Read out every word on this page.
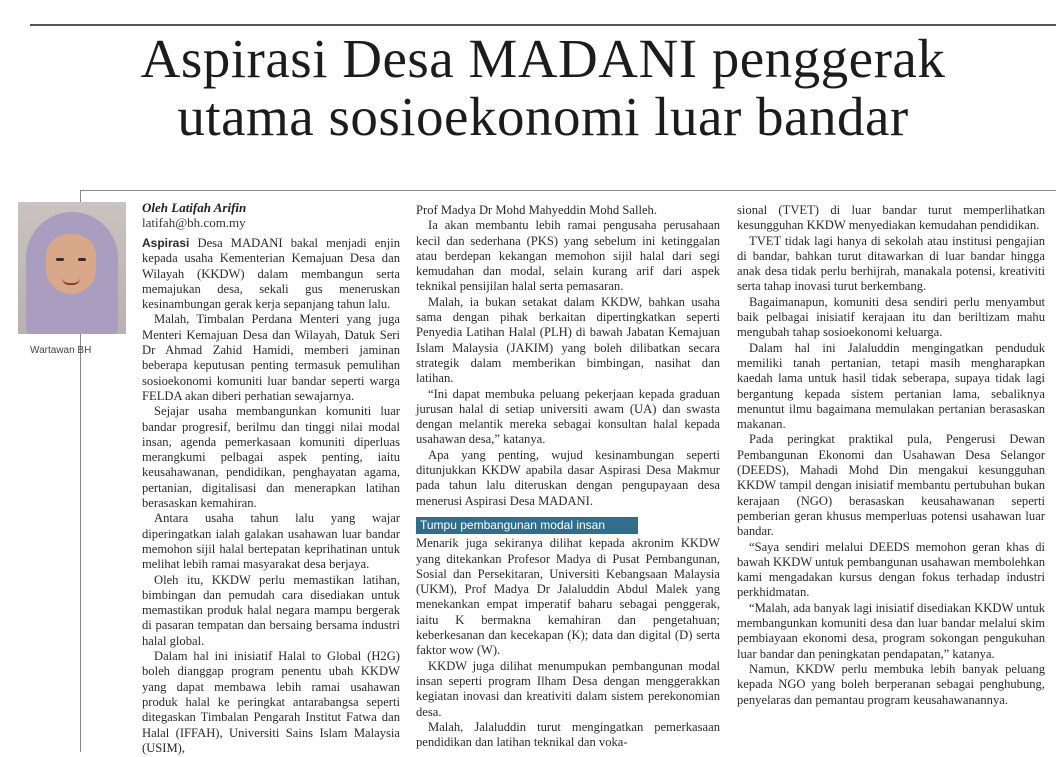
Aspirasi Desa MADANI penggerak
utama sosioekonomi luar bandar
Wartawan BH
Oleh Latifah Arifin
latifah@bh.com.my

Aspirasi Desa MADANI bakal menjadi enjin kepada usaha Kementerian Kemajuan Desa dan Wilayah (KKDW) dalam membangun serta memajukan desa, sekali gus meneruskan kesinambungan gerak kerja sepanjang tahun lalu.

Malah, Timbalan Perdana Menteri yang juga Menteri Kemajuan Desa dan Wilayah, Datuk Seri Dr Ahmad Zahid Hamidi, memberi jaminan beberapa keputusan penting termasuk pemulihan sosioekonomi komuniti luar bandar seperti warga FELDA akan diberi perhatian sewajarnya.

Sejajar usaha membangunkan komuniti luar bandar progresif, berilmu dan tinggi nilai modal insan, agenda pemerkasaan komuniti diperluas merangkumi pelbagai aspek penting, iaitu keusahawanan, pendidikan, penghayatan agama, pertanian, digitalisasi dan menerapkan latihan berasaskan kemahiran.

Antara usaha tahun lalu yang wajar diperingatkan ialah galakan usahawan luar bandar memohon sijil halal bertepatan keprihatinan untuk melihat lebih ramai masyarakat desa berjaya.

Oleh itu, KKDW perlu memastikan latihan, bimbingan dan pemudah cara disediakan untuk memastikan produk halal negara mampu bergerak di pasaran tempatan dan bersaing bersama industri halal global.

Dalam hal ini inisiatif Halal to Global (H2G) boleh dianggap program penentu ubah KKDW yang dapat membawa lebih ramai usahawan produk halal ke peringkat antarabangsa seperti ditegaskan Timbalan Pengarah Institut Fatwa dan Halal (IFFAH), Universiti Sains Islam Malaysia (USIM),

Prof Madya Dr Mohd Mahyeddin Mohd Salleh.

Ia akan membantu lebih ramai pengusaha perusahaan kecil dan sederhana (PKS) yang sebelum ini ketinggalan atau berdepan kekangan memohon sijil halal dari segi kemudahan dan modal, selain kurang arif dari aspek teknikal pensijilan halal serta pemasaran.

Malah, ia bukan setakat dalam KKDW, bahkan usaha sama dengan pihak berkaitan dipertingkatkan seperti Penyedia Latihan Halal (PLH) di bawah Jabatan Kemajuan Islam Malaysia (JAKIM) yang boleh dilibatkan secara strategik dalam memberikan bimbingan, nasihat dan latihan.

“Ini dapat membuka peluang pekerjaan kepada graduan jurusan halal di setiap universiti awam (UA) dan swasta dengan melantik mereka sebagai konsultan halal kepada usahawan desa,” katanya.

Apa yang penting, wujud kesinambungan seperti ditunjukkan KKDW apabila dasar Aspirasi Desa Makmur pada tahun lalu diteruskan dengan pengupayaan desa menerusi Aspirasi Desa MADANI.

Tumpu pembangunan modal insan

Menarik juga sekiranya dilihat kepada akronim KKDW yang ditekankan Profesor Madya di Pusat Pembangunan, Sosial dan Persekitaran, Universiti Kebangsaan Malaysia (UKM), Prof Madya Dr Jalaluddin Abdul Malek yang menekankan empat imperatif baharu sebagai penggerak, iaitu K bermakna kemahiran dan pengetahuan; keberkesanan dan kecekapan (K); data dan digital (D) serta faktor wow (W).

KKDW juga dilihat menumpukan pembangunan modal insan seperti program Ilham Desa dengan menggerakkan kegiatan inovasi dan kreativiti dalam sistem perekonomian desa.

Malah, Jalaluddin turut mengingatkan pemerkasaan pendidikan dan latihan teknikal dan voka-

sional (TVET) di luar bandar turut memperlihatkan kesungguhan KKDW menyediakan kemudahan pendidikan.

TVET tidak lagi hanya di sekolah atau institusi pengajian di bandar, bahkan turut ditawarkan di luar bandar hingga anak desa tidak perlu berhijrah, manakala potensi, kreativiti serta tahap inovasi turut berkembang.

Bagaimanapun, komuniti desa sendiri perlu menyambut baik pelbagai inisiatif kerajaan itu dan beriltizam mahu mengubah tahap sosioekonomi keluarga.

Dalam hal ini Jalaluddin mengingatkan penduduk memiliki tanah pertanian, tetapi masih mengharapkan kaedah lama untuk hasil tidak seberapa, supaya tidak lagi bergantung kepada sistem pertanian lama, sebaliknya menuntut ilmu bagaimana memulakan pertanian berasaskan makanan.

Pada peringkat praktikal pula, Pengerusi Dewan Pembangunan Ekonomi dan Usahawan Desa Selangor (DEEDS), Mahadi Mohd Din mengakui kesungguhan KKDW tampil dengan inisiatif membantu pertubuhan bukan kerajaan (NGO) berasaskan keusahawanan seperti pemberian geran khusus memperluas potensi usahawan luar bandar.

“Saya sendiri melalui DEEDS memohon geran khas di bawah KKDW untuk pembangunan usahawan membolehkan kami mengadakan kursus dengan fokus terhadap industri perkhidmatan.

“Malah, ada banyak lagi inisiatif disediakan KKDW untuk membangunkan komuniti desa dan luar bandar melalui skim pembiayaan ekonomi desa, program sokongan pengukuhan luar bandar dan peningkatan pendapatan,” katanya.

Namun, KKDW perlu membuka lebih banyak peluang kepada NGO yang boleh berperanan sebagai penghubung, penyelaras dan pemantau program keusahawanannya.
